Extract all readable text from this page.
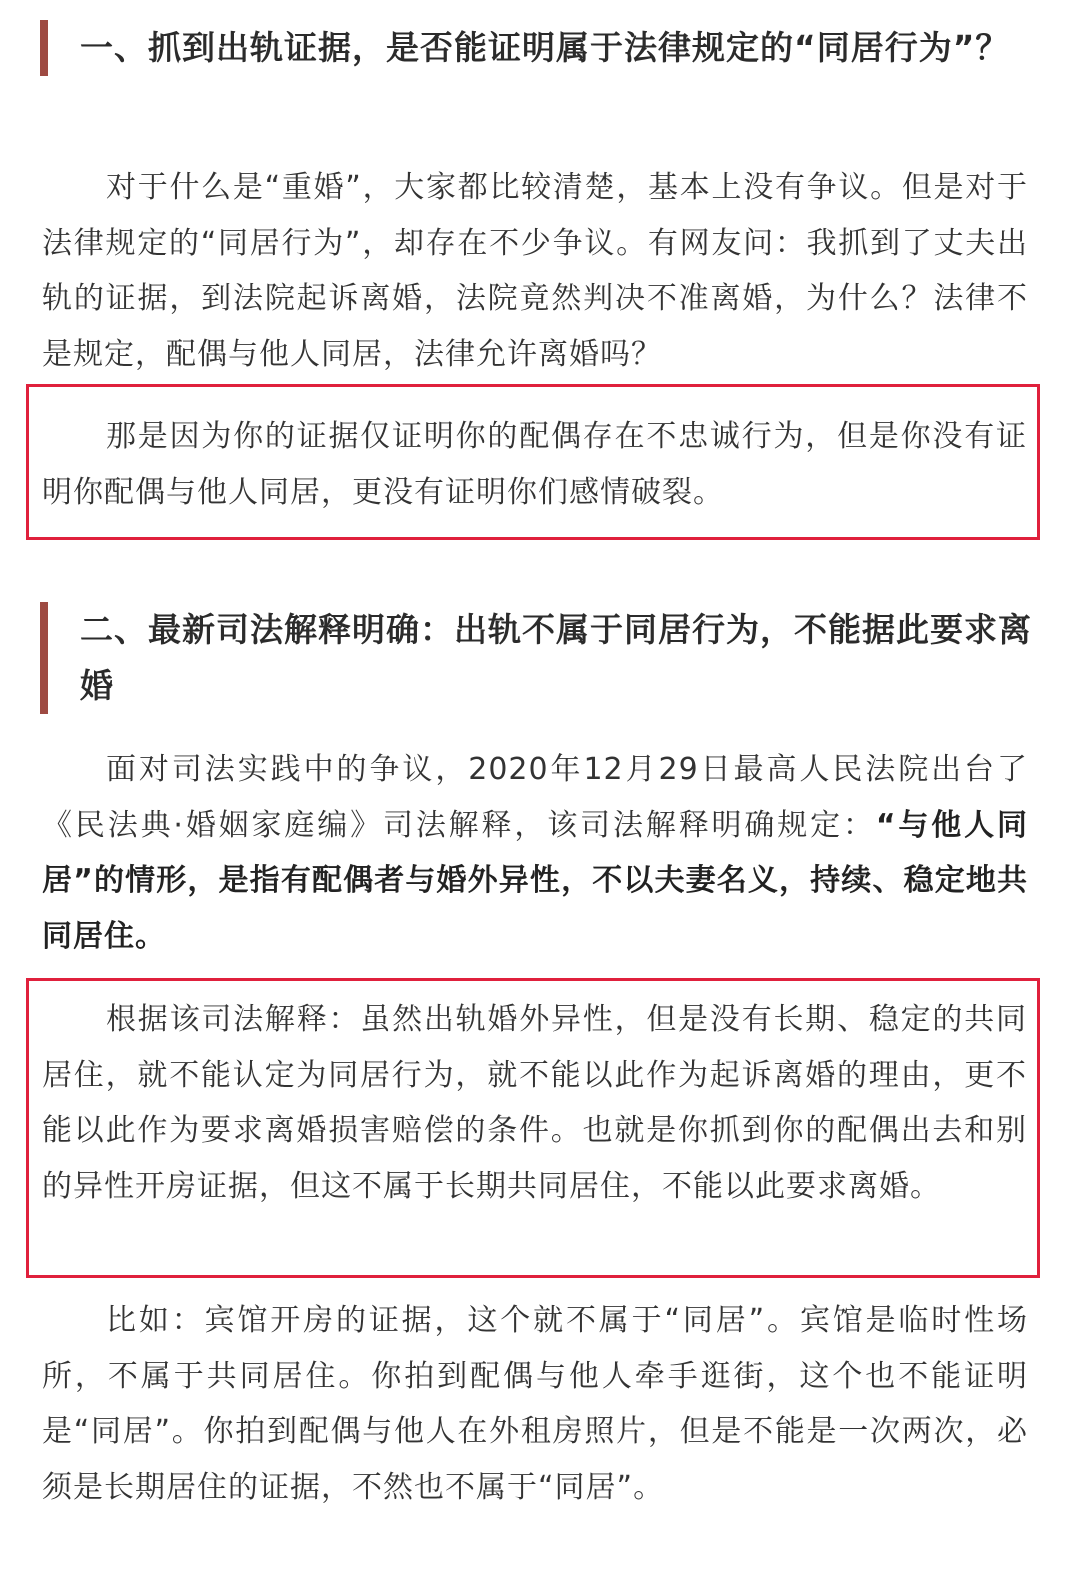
一、抓到出轨证据，是否能证明属于法律规定的“同居行为”？

对于什么是“重婚”，大家都比较清楚，基本上没有争议。但是对于法律规定的“同居行为”，却存在不少争议。有网友问：我抓到了丈夫出轨的证据，到法院起诉离婚，法院竟然判决不准离婚，为什么？法律不是规定，配偶与他人同居，法律允许离婚吗？

那是因为你的证据仅证明你的配偶存在不忠诚行为，但是你没有证明你配偶与他人同居，更没有证明你们感情破裂。
二、最新司法解释明确：出轨不属于同居行为，不能据此要求离婚

面对司法实践中的争议，2020年12月29日最高人民法院出台了《民法典·婚姻家庭编》司法解释，该司法解释明确规定：“与他人同居”的情形，是指有配偶者与婚外异性，不以夫妻名义，持续、稳定地共同居住。

根据该司法解释：虽然出轨婚外异性，但是没有长期、稳定的共同居住，就不能认定为同居行为，就不能以此作为起诉离婚的理由，更不能以此作为要求离婚损害赔偿的条件。也就是你抓到你的配偶出去和别的异性开房证据，但这不属于长期共同居住，不能以此要求离婚。

比如：宾馆开房的证据，这个就不属于“同居”。宾馆是临时性场所，不属于共同居住。你拍到配偶与他人牵手逛街，这个也不能证明是“同居”。你拍到配偶与他人在外租房照片，但是不能是一次两次，必须是长期居住的证据，不然也不属于“同居”。
